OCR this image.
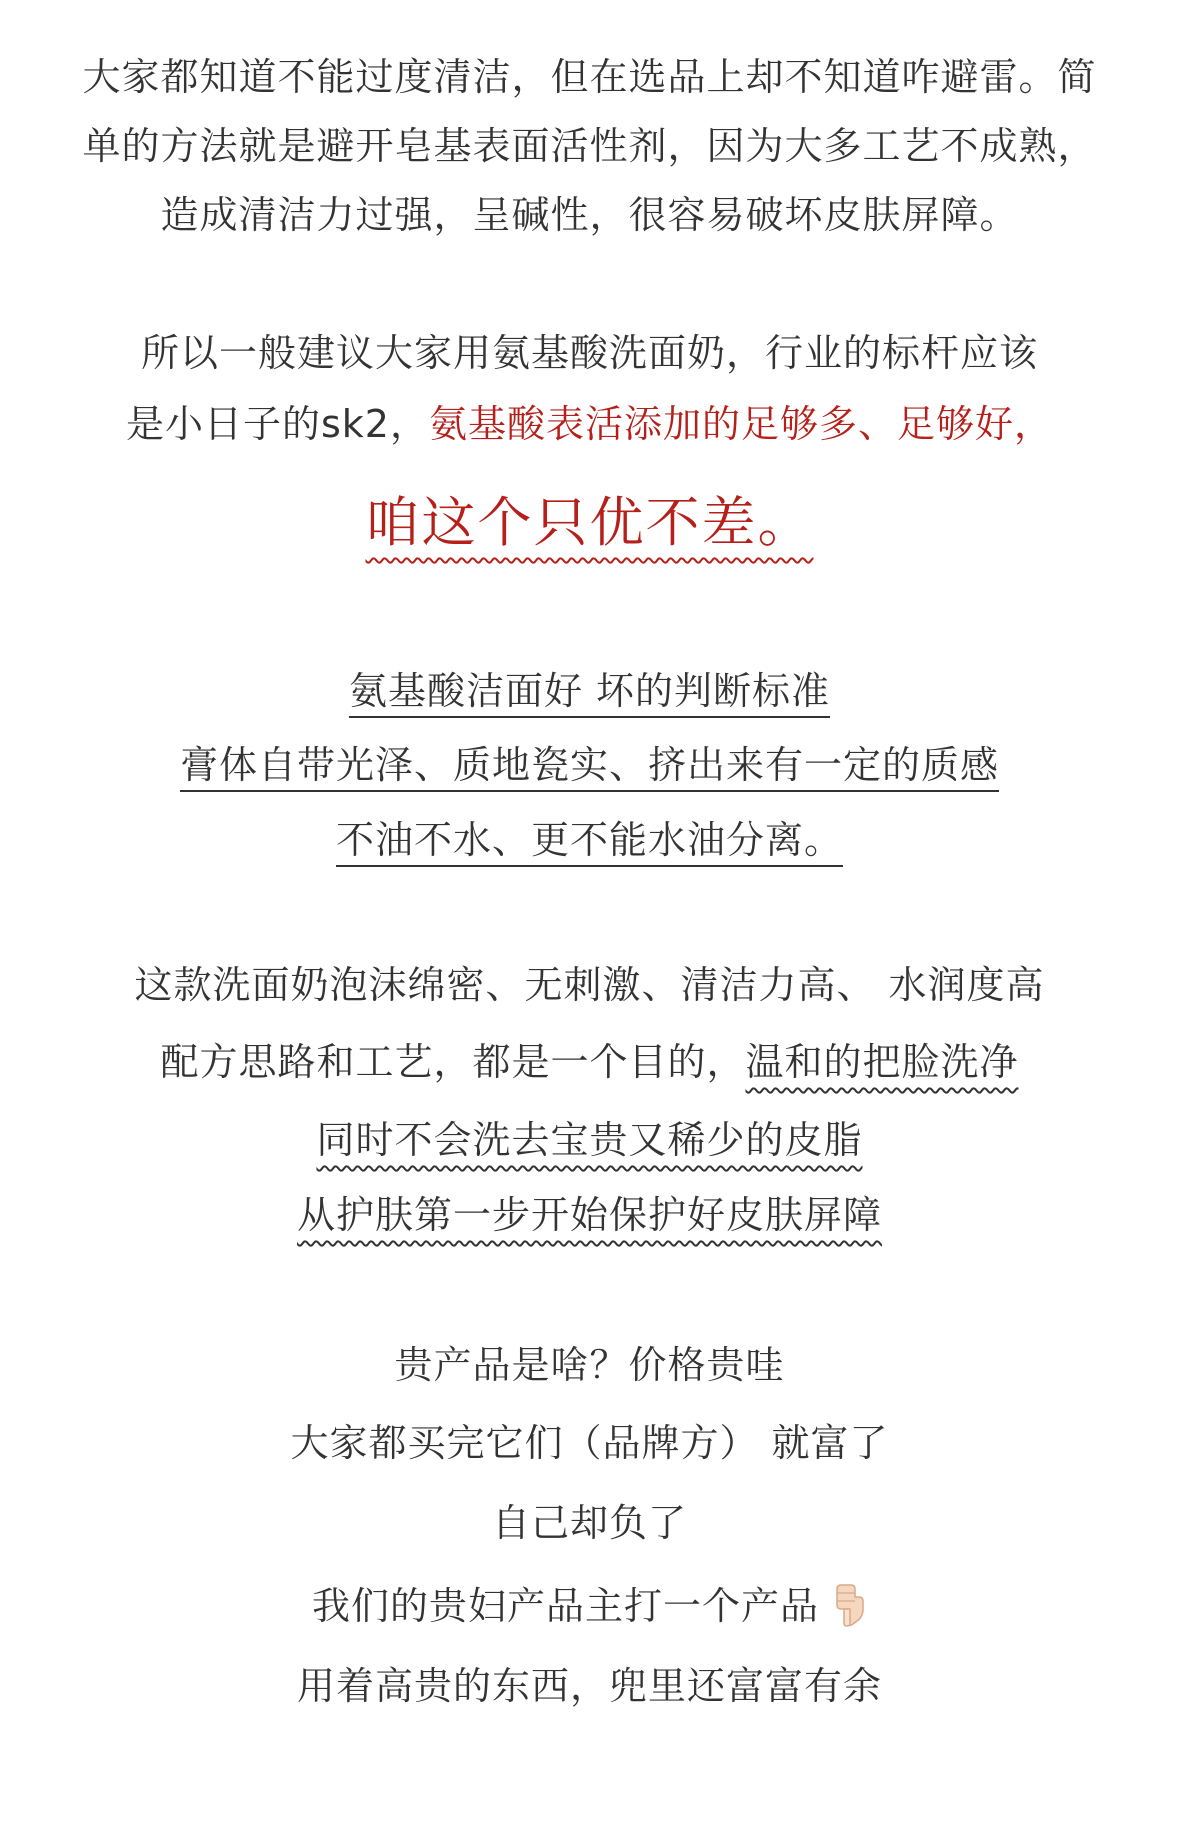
大家都知道不能过度清洁，但在选品上却不知道咋避雷。简
单的方法就是避开皂基表面活性剂，因为大多工艺不成熟，
造成清洁力过强，呈碱性，很容易破坏皮肤屏障。
所以一般建议大家用氨基酸洗面奶，行业的标杆应该
是小日子的sk2，氨基酸表活添加的足够多、足够好，
咱这个只优不差。
氨基酸洁面好 坏的判断标准
膏体自带光泽、质地瓷实、挤出来有一定的质感
不油不水、更不能水油分离。
这款洗面奶泡沫绵密、无刺激、清洁力高、 水润度高
配方思路和工艺，都是一个目的，温和的把脸洗净
同时不会洗去宝贵又稀少的皮脂
从护肤第一步开始保护好皮肤屏障
贵产品是啥？价格贵哇
大家都买完它们（品牌方） 就富了
自己却负了
我们的贵妇产品主打一个产品
用着高贵的东西，兜里还富富有余
